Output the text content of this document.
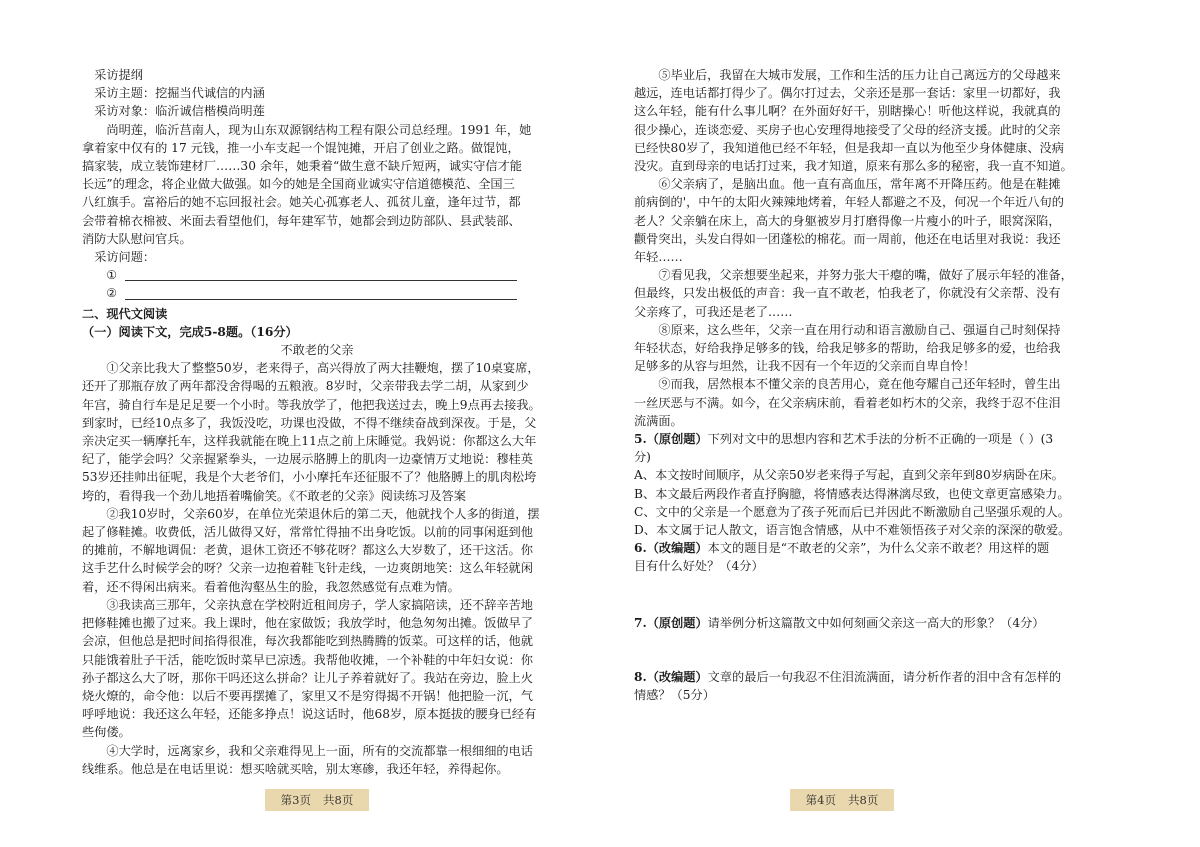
采访提纲
采访主题：挖掘当代诚信的内涵
采访对象：临沂诚信楷模尚明莲
尚明莲，临沂莒南人，现为山东双源钢结构工程有限公司总经理。1991 年，她
拿着家中仅有的 17 元钱，推一小车支起一个馄饨摊，开启了创业之路。做馄饨，
搞家装，成立装饰建材厂……30 余年，她秉着“做生意不缺斤短两，诚实守信才能
长远”的理念，将企业做大做强。如今的她是全国商业诚实守信道德模范、全国三
八红旗手。富裕后的她不忘回报社会。她关心孤寡老人、孤贫儿童，逢年过节，都
会带着棉衣棉被、米面去看望他们，每年建军节，她都会到边防部队、县武装部、
消防大队慰问官兵。
采访问题：
①
②
二、现代文阅读
（一）阅读下文，完成5-8题。（16分）
不敢老的父亲
①父亲比我大了整整50岁，老来得子，高兴得放了两大挂鞭炮，摆了10桌宴席，
还开了那瓶存放了两年都没舍得喝的五粮液。8岁时，父亲带我去学二胡，从家到少
年宫，骑自行车是足足要一个小时。等我放学了，他把我送过去，晚上9点再去接我。
到家时，已经10点多了，我饭没吃，功课也没做，不得不继续奋战到深夜。于是，父
亲决定买一辆摩托车，这样我就能在晚上11点之前上床睡觉。我妈说：你都这么大年
纪了，能学会吗？父亲握紧拳头，一边展示胳膊上的肌肉一边豪情万丈地说：穆桂英
53岁还挂帅出征呢，我是个大老爷们，小小摩托车还征服不了？他胳膊上的肌肉松垮
垮的，看得我一个劲儿地捂着嘴偷笑。《不敢老的父亲》阅读练习及答案
②我10岁时，父亲60岁，在单位光荣退休后的第二天，他就找个人多的街道，摆
起了修鞋摊。收费低，活儿做得又好，常常忙得抽不出身吃饭。以前的同事闲逛到他
的摊前，不解地调侃：老黄，退休工资还不够花呀？都这么大岁数了，还干这活。你
这手艺什么时候学会的呀？父亲一边抱着鞋飞针走线，一边爽朗地笑：这么年轻就闲
着，还不得闲出病来。看着他沟壑丛生的脸，我忽然感觉有点难为情。
③我读高三那年，父亲执意在学校附近租间房子，学人家搞陪读，还不辞辛苦地
把修鞋摊也搬了过来。我上课时，他在家做饭；我放学时，他急匆匆出摊。饭做早了
会凉，但他总是把时间掐得很准，每次我都能吃到热腾腾的饭菜。可这样的话，他就
只能饿着肚子干活，能吃饭时菜早已凉透。我帮他收摊，一个补鞋的中年妇女说：你
孙子都这么大了呀，那你干吗还这么拼命？让儿子养着就好了。我站在旁边，脸上火
烧火燎的，命令他：以后不要再摆摊了，家里又不是穷得揭不开锅！他把脸一沉，气
呼呼地说：我还这么年轻，还能多挣点！说这话时，他68岁，原本挺拔的腰身已经有
些佝偻。
④大学时，远离家乡，我和父亲难得见上一面，所有的交流都靠一根细细的电话
线维系。他总是在电话里说：想买啥就买啥，别太寒碜，我还年轻，养得起你。
⑤毕业后，我留在大城市发展，工作和生活的压力让自己离远方的父母越来
越远，连电话都打得少了。偶尔打过去，父亲还是那一套话：家里一切都好，我
这么年轻，能有什么事儿啊？在外面好好干，别瞎操心！听他这样说，我就真的
很少操心，连谈恋爱、买房子也心安理得地接受了父母的经济支援。此时的父亲
已经快80岁了，我知道他已经不年轻，但是我却一直以为他至少身体健康、没病
没灾。直到母亲的电话打过来，我才知道，原来有那么多的秘密，我一直不知道。
⑥父亲病了，是脑出血。他一直有高血压，常年离不开降压药。他是在鞋摊
前病倒的'，中午的太阳火辣辣地烤着，年轻人都避之不及，何况一个年近八旬的
老人？父亲躺在床上，高大的身躯被岁月打磨得像一片瘦小的叶子，眼窝深陷，
颧骨突出，头发白得如一团蓬松的棉花。而一周前，他还在电话里对我说：我还
年轻……
⑦看见我，父亲想要坐起来，并努力张大干瘪的嘴，做好了展示年轻的准备，
但最终，只发出极低的声音：我一直不敢老，怕我老了，你就没有父亲帮、没有
父亲疼了，可我还是老了……
⑧原来，这么些年，父亲一直在用行动和语言激励自己、强逼自己时刻保持
年轻状态，好给我挣足够多的钱，给我足够多的帮助，给我足够多的爱，也给我
足够多的从容与坦然，让我不因有一个年迈的父亲而自卑自怜！
⑨而我，居然根本不懂父亲的良苦用心，竟在他夸耀自己还年轻时，曾生出
一丝厌恶与不满。如今，在父亲病床前，看着老如朽木的父亲，我终于忍不住泪
流满面。
5.（原创题）下列对文中的思想内容和艺术手法的分析不正确的一项是（ ）(3
分)
A、本文按时间顺序，从父亲50岁老来得子写起，直到父亲年到80岁病卧在床。
B、本文最后两段作者直抒胸臆，将情感表达得淋漓尽致，也使文章更富感染力。
C、文中的父亲是一个愿意为了孩子死而后已并因此不断激励自己坚强乐观的人。
D、本文属于记人散文，语言饱含情感，从中不难领悟孩子对父亲的深深的敬爱。
6.（改编题）本文的题目是“不敢老的父亲”，为什么父亲不敢老？用这样的题
目有什么好处？（4分）
7.（原创题）请举例分析这篇散文中如何刻画父亲这一高大的形象？（4分）
8.（改编题）文章的最后一句我忍不住泪流满面，请分析作者的泪中含有怎样的
情感？（5分）
第3页 共8页	第4页 共8页
